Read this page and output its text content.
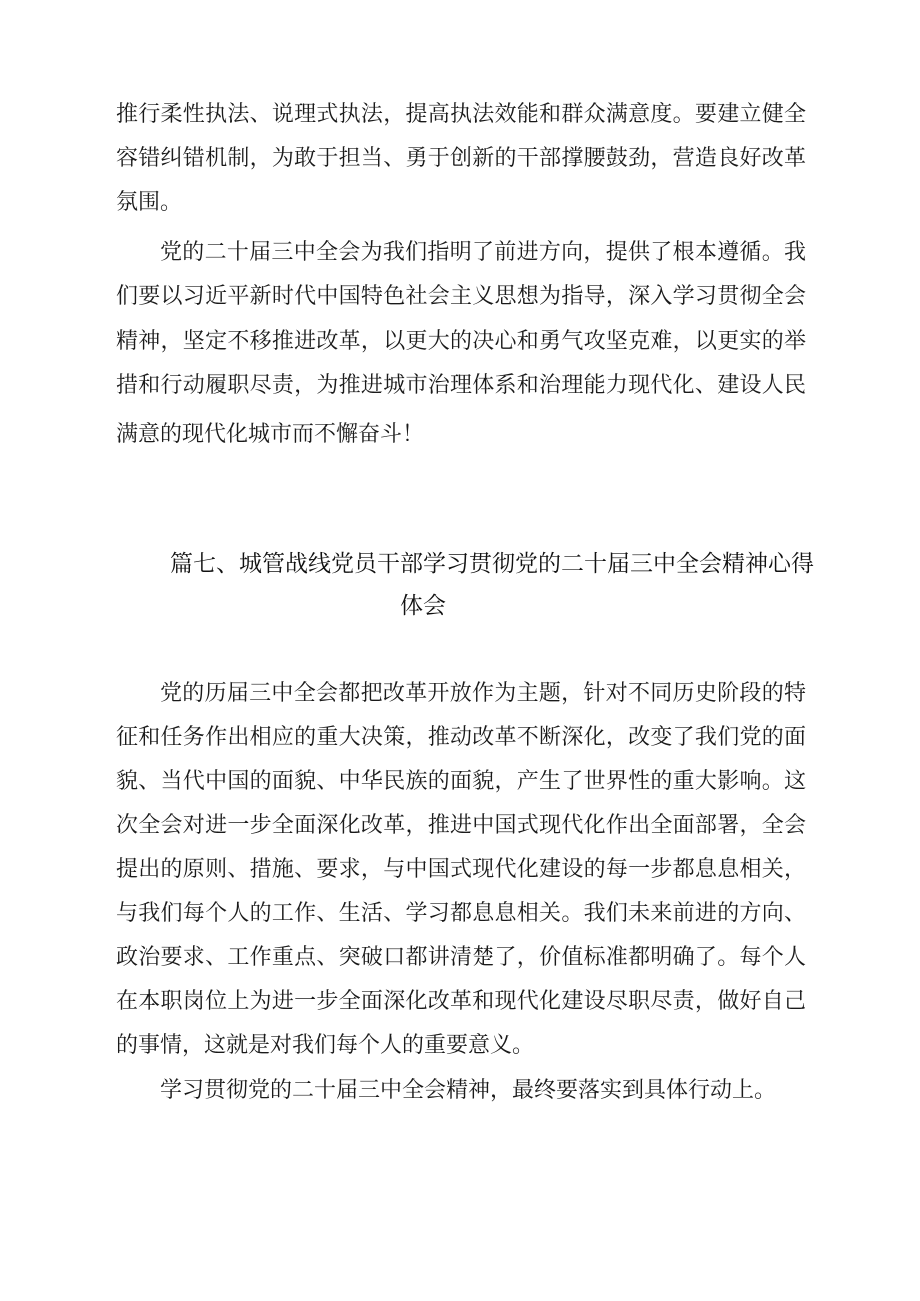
推行柔性执法、说理式执法，提高执法效能和群众满意度。要建立健全
容错纠错机制，为敢于担当、勇于创新的干部撑腰鼓劲，营造良好改革
氛围。
党的二十届三中全会为我们指明了前进方向，提供了根本遵循。我
们要以习近平新时代中国特色社会主义思想为指导，深入学习贯彻全会
精神，坚定不移推进改革，以更大的决心和勇气攻坚克难，以更实的举
措和行动履职尽责，为推进城市治理体系和治理能力现代化、建设人民
满意的现代化城市而不懈奋斗！
篇七、城管战线党员干部学习贯彻党的二十届三中全会精神心得
体会
党的历届三中全会都把改革开放作为主题，针对不同历史阶段的特
征和任务作出相应的重大决策，推动改革不断深化，改变了我们党的面
貌、当代中国的面貌、中华民族的面貌，产生了世界性的重大影响。这
次全会对进一步全面深化改革，推进中国式现代化作出全面部署，全会
提出的原则、措施、要求，与中国式现代化建设的每一步都息息相关，
与我们每个人的工作、生活、学习都息息相关。我们未来前进的方向、
政治要求、工作重点、突破口都讲清楚了，价值标准都明确了。每个人
在本职岗位上为进一步全面深化改革和现代化建设尽职尽责，做好自己
的事情，这就是对我们每个人的重要意义。
学习贯彻党的二十届三中全会精神，最终要落实到具体行动上。
